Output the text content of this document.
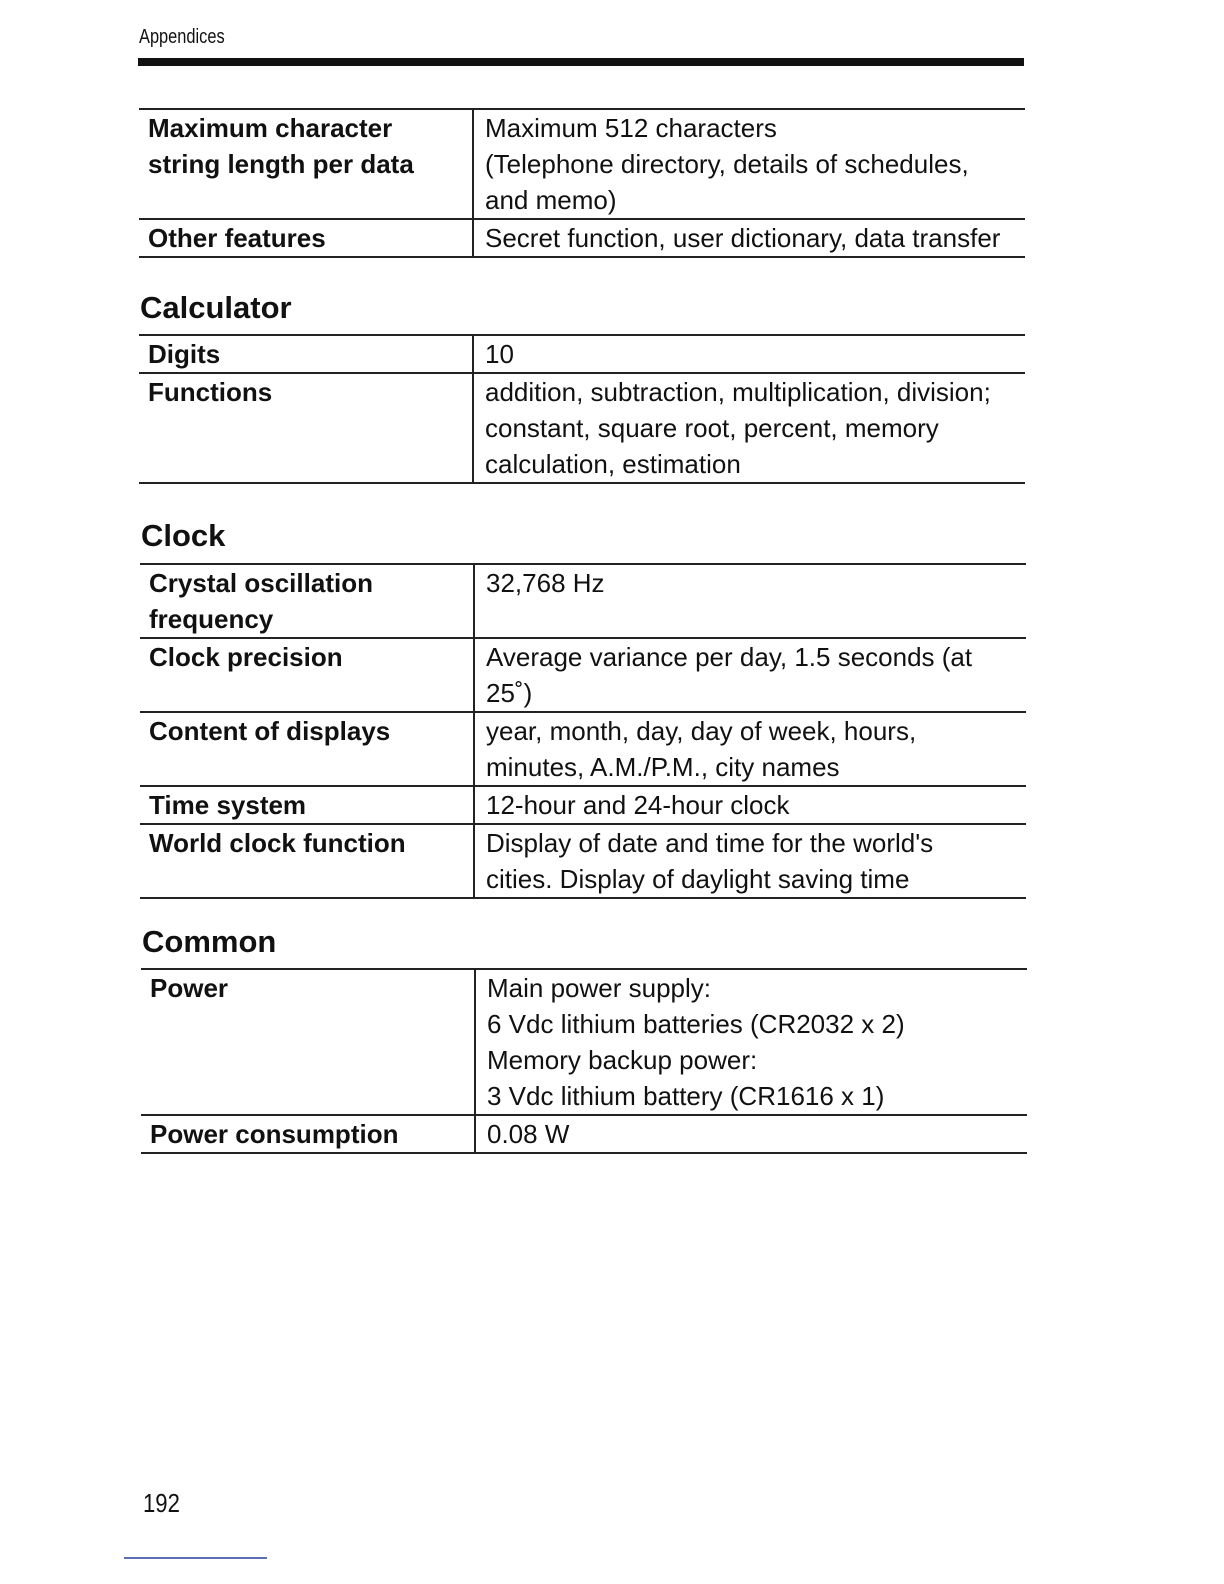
Appendices
Maximum character string length per data	Maximum 512 characters
(Telephone directory, details of schedules,
and memo)

Other features	Secret function, user dictionary, data transfer
Calculator
Digits	10

Functions	addition, subtraction, multiplication, division;
constant, square root, percent, memory
calculation, estimation
Clock
Crystal oscillation frequency	32,768 Hz

Clock precision	Average variance per day, 1.5 seconds (at
25˚)

Content of displays	year, month, day, day of week, hours,
minutes, A.M./P.M., city names

Time system	12-hour and 24-hour clock

World clock function	Display of date and time for the world's
cities. Display of daylight saving time
Common
Power	Main power supply:
6 Vdc lithium batteries (CR2032 x 2)
Memory backup power:
3 Vdc lithium battery (CR1616 x 1)

Power consumption	0.08 W
192
